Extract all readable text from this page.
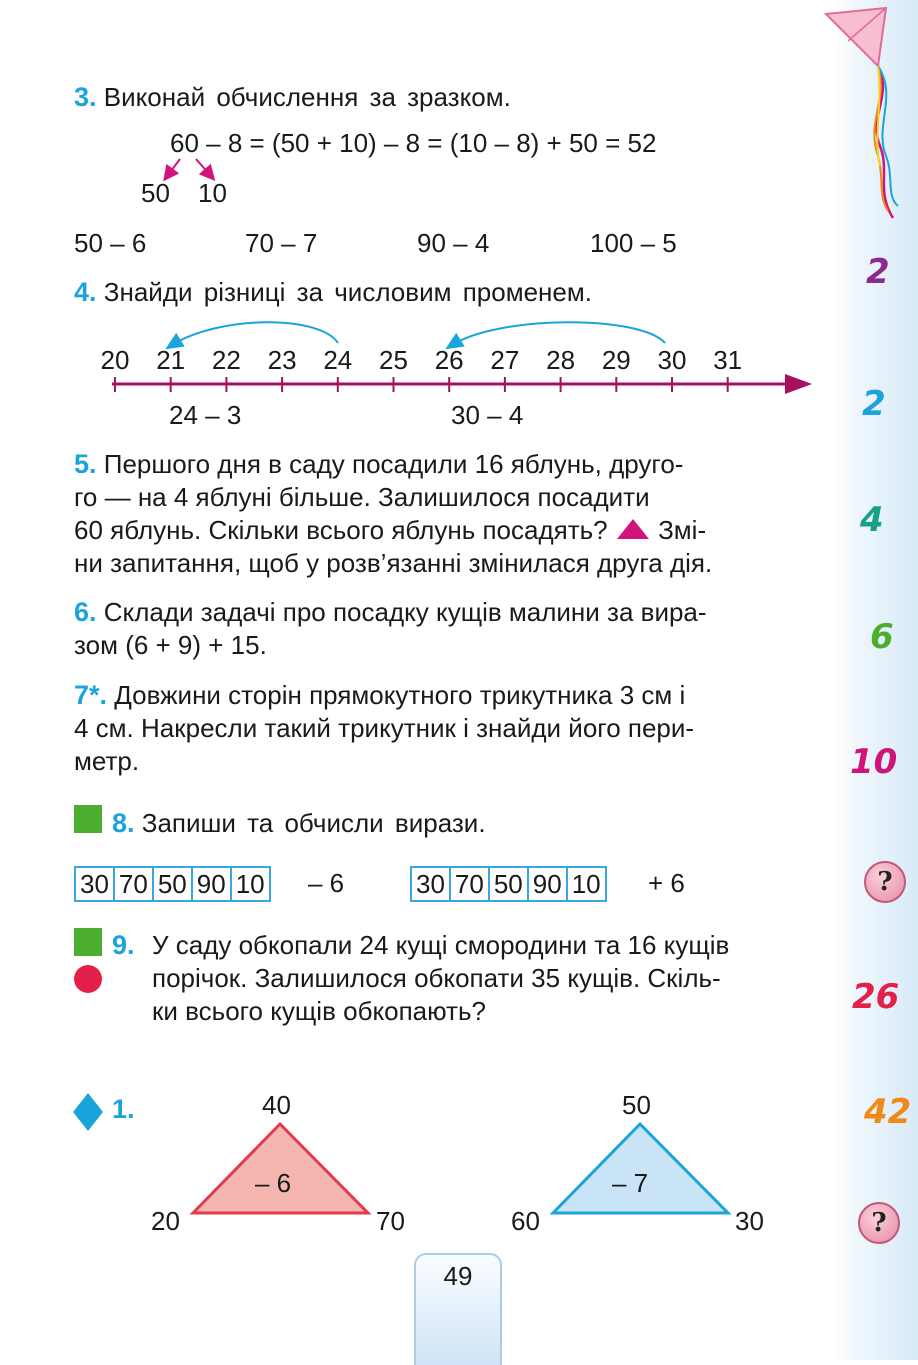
2
2
4
6
10
?
26
42
?
3. Виконай обчислення за зразком.
60 – 8 = (50 + 10) – 8 = (10 – 8) + 50 = 52
50 10
50 – 6	70 – 7	90 – 4	100 – 5
4. Знайди різниці за числовим променем.
20 21 22 23 24 25 26 27 28 29 30 31
24 – 3	30 – 4
5. Першого дня в саду посадили 16 яблунь, друго-
го — на 4 яблуні більше. Залишилося посадити
60 яблунь. Скільки всього яблунь посадять? Змі-
ни запитання, щоб у розв’язанні змінилася друга дія.
6. Склади задачі про посадку кущів малини за вира-
зом (6 + 9) + 15.
7*. Довжини сторін прямокутного трикутника 3 см і
4 см. Накресли такий трикутник і знайди його пери-
метр.
8. Запиши та обчисли вирази.
30 70 50 90 10 – 6	30 70 50 90 10 + 6
9. У саду обкопали 24 кущі смородини та 16 кущів
порічок. Залишилося обкопати 35 кущів. Скіль-
ки всього кущів обкопають?
1.	40
20	70
– 6
50
60	30
– 7
49
